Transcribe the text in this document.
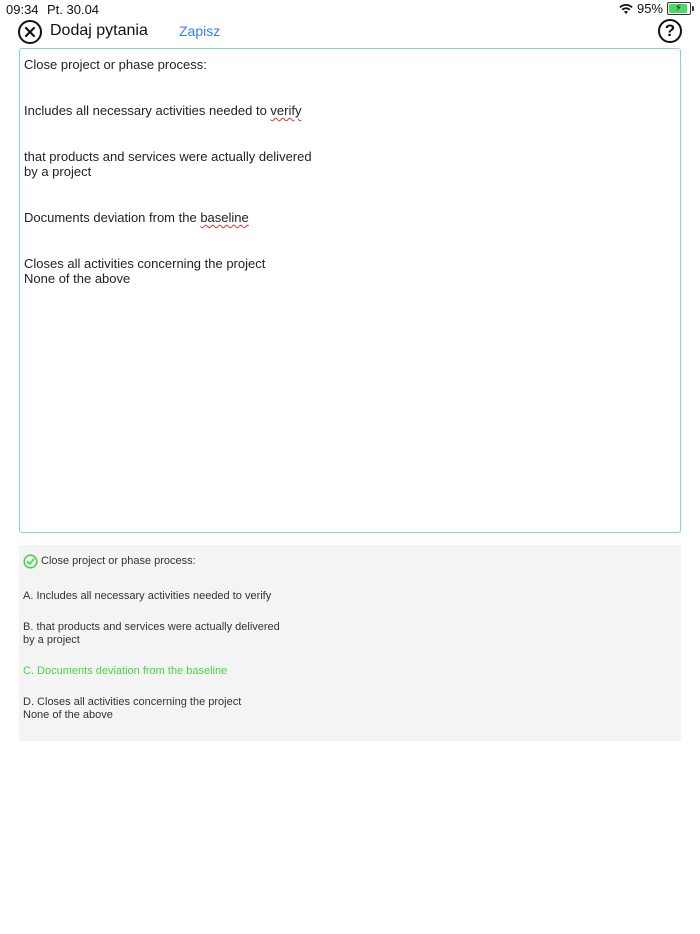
09:34 Pt. 30.04	95% ⚡
Dodaj pytania Zapisz	?

Close project or phase process:

Includes all necessary activities needed to verify

that products and services were actually delivered
by a project

Documents deviation from the baseline

Closes all activities concerning the project
None of the above

Close project or phase process:
A. Includes all necessary activities needed to verify
B. that products and services were actually delivered
by a project
C. Documents deviation from the baseline
D. Closes all activities concerning the project
None of the above
